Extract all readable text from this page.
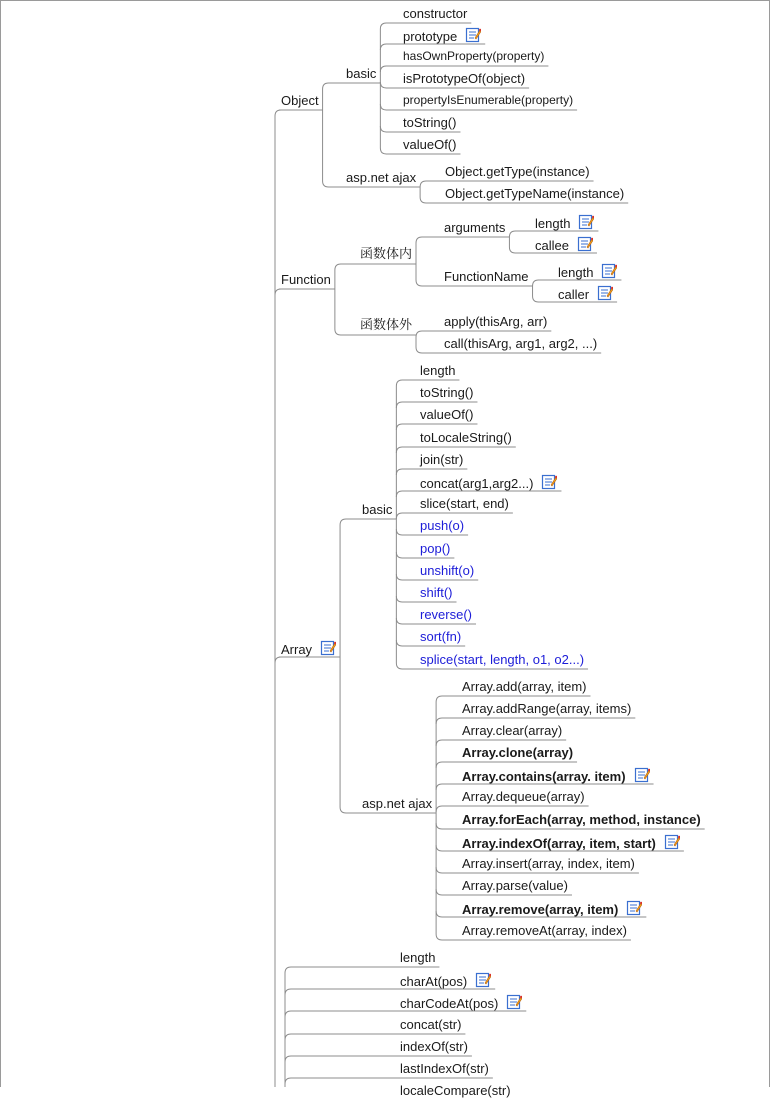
Object
basic
constructor
prototype
hasOwnProperty(property)
isPrototypeOf(object)
propertyIsEnumerable(property)
toString()
valueOf()
asp.net ajax Object.getType(instance)
Object.getTypeName(instance)
Function
函数体内
arguments length
callee
FunctionName length
caller
函数体外 apply(thisArg, arr)
call(thisArg, arg1, arg2, ...)
Array
basic
length
toString()
valueOf()
toLocaleString()
join(str)
concat(arg1,arg2...)
slice(start, end)
push(o)
pop()
unshift(o)
shift()
reverse()
sort(fn)
splice(start, length, o1, o2...)
asp.net ajax
Array.add(array, item)
Array.addRange(array, items)
Array.clear(array)
Array.clone(array)
Array.contains(array. item)
Array.dequeue(array)
Array.forEach(array, method, instance)
Array.indexOf(array, item, start)
Array.insert(array, index, item)
Array.parse(value)
Array.remove(array, item)
Array.removeAt(array, index)
length
charAt(pos)
charCodeAt(pos)
concat(str)
indexOf(str)
lastIndexOf(str)
localeCompare(str)
